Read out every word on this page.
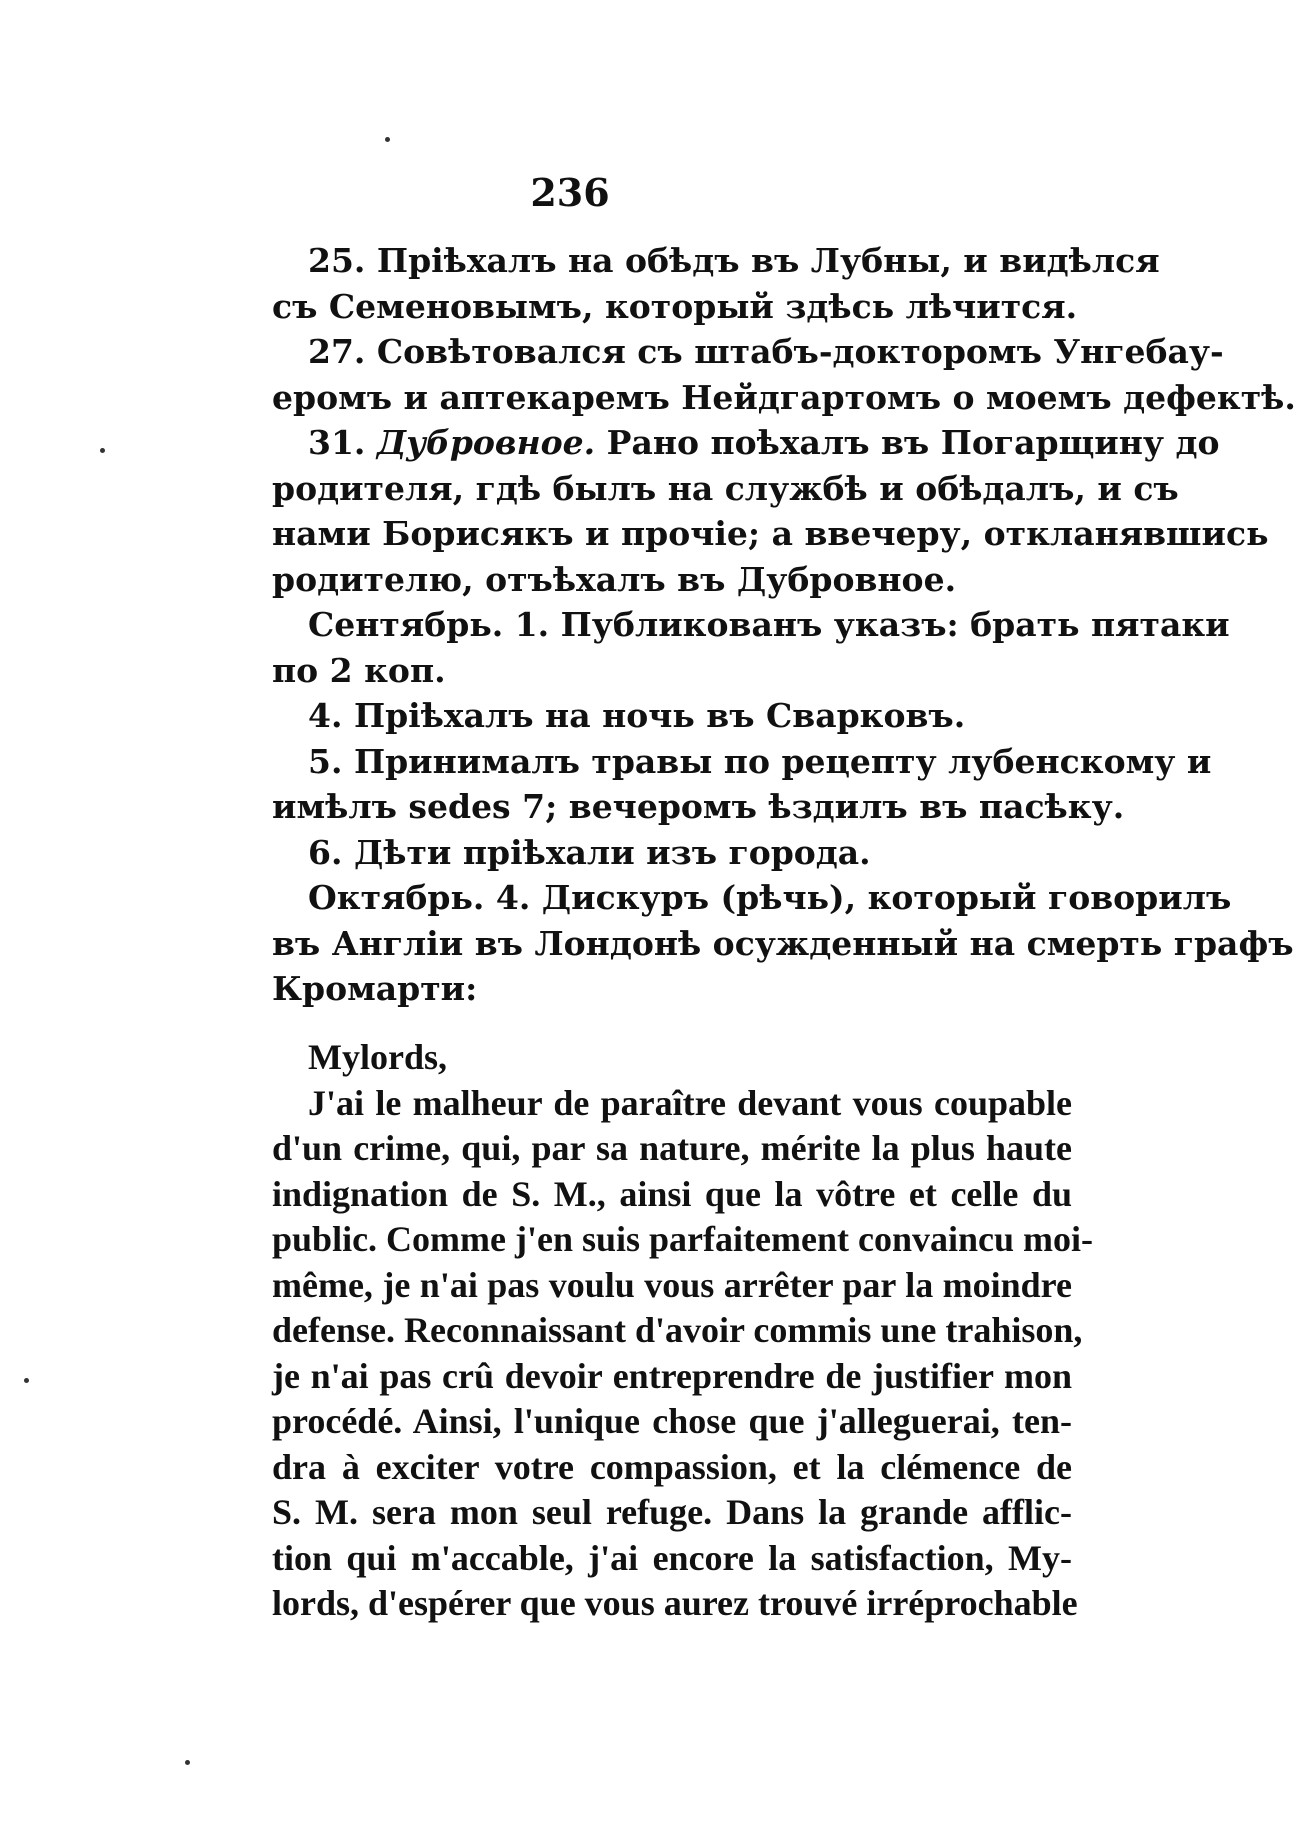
236
25. Пріѣхалъ на обѣдъ въ Лубны, и видѣлся
съ Семеновымъ, который здѣсь лѣчится.
27. Совѣтовался съ штабъ-докторомъ Унгебау-
еромъ и аптекаремъ Нейдгартомъ о моемъ дефектѣ.
31. Дубровное. Рано поѣхалъ въ Погарщину до
родителя, гдѣ былъ на службѣ и обѣдалъ, и съ
нами Борисякъ и прочіе; а ввечеру, откланявшись
родителю, отъѣхалъ въ Дубровное.
Сентябрь. 1. Публикованъ указъ: брать пятаки
по 2 коп.
4. Пріѣхалъ на ночь въ Сварковъ.
5. Принималъ травы по рецепту лубенскому и
имѣлъ sedes 7; вечеромъ ѣздилъ въ пасѣку.
6. Дѣти пріѣхали изъ города.
Октябрь. 4. Дискуръ (рѣчь), который говорилъ
въ Англіи въ Лондонѣ осужденный на смерть графъ
Кромарти:
Mylords,
J'ai le malheur de paraître devant vous coupable
d'un crime, qui, par sa nature, mérite la plus haute
indignation de S. M., ainsi que la vôtre et celle du
public. Comme j'en suis parfaitement convaincu moi-
même, je n'ai pas voulu vous arrêter par la moindre
defense. Reconnaissant d'avoir commis une trahison,
je n'ai pas crû devoir entreprendre de justifier mon
procédé. Ainsi, l'unique chose que j'alleguerai, ten-
dra à exciter votre compassion, et la clémence de
S. M. sera mon seul refuge. Dans la grande afflic-
tion qui m'accable, j'ai encore la satisfaction, My-
lords, d'espérer que vous aurez trouvé irréprochable
